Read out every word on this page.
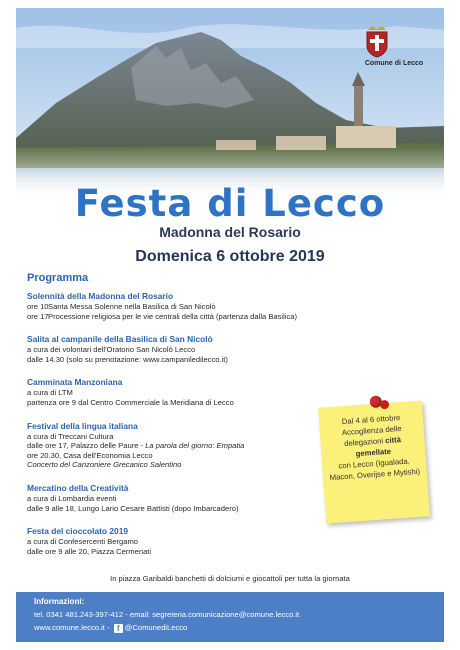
Comune di Lecco
Festa di Lecco
Madonna del Rosario
Domenica 6 ottobre 2019
Programma
Solennità della Madonna del Rosario
ore 10Santa Messa Solenne nella Basilica di San Nicolò
ore 17Processione religiosa per le vie centrali della città (partenza dalla Basilica)
Salita al campanile della Basilica di San Nicolò
a cura dei volontari dell'Oratorio San Nicolò Lecco
dalle 14.30 (solo su prenotazione: www.campaniledilecco.it)
Camminata Manzoniana
a cura di LTM
partenza ore 9 dal Centro Commerciale la Meridiana di Lecco
Festival della lingua italiana
a cura di Treccani Cultura
dalle ore 17, Palazzo delle Paure - La parola del giorno: Empatia
ore 20.30, Casa dell'Economia Lecco
Concerto del Canzoniere Grecanico Salentino
Mercatino della Creatività
a cura di Lombardia eventi
dalle 9 alle 18, Lungo Lario Cesare Battisti (dopo Imbarcadero)
Festa del cioccolato 2019
a cura di Confesercenti Bergamo
dalle ore 9 alle 20, Piazza Cermenati
Dal 4 al 6 ottobre
Accoglienza delle
delegazioni città gemellate
con Lecco (Igualada,
Macon, Overijse e Mytishi)
In piazza Garibaldi banchetti di dolciumi e giocattoli per tutta la giornata
Informazioni:
tel. 0341 481.243-397-412 - email: segreteria.comunicazione@comune.lecco.it
www.comune.lecco.it - f @ComunediLecco
